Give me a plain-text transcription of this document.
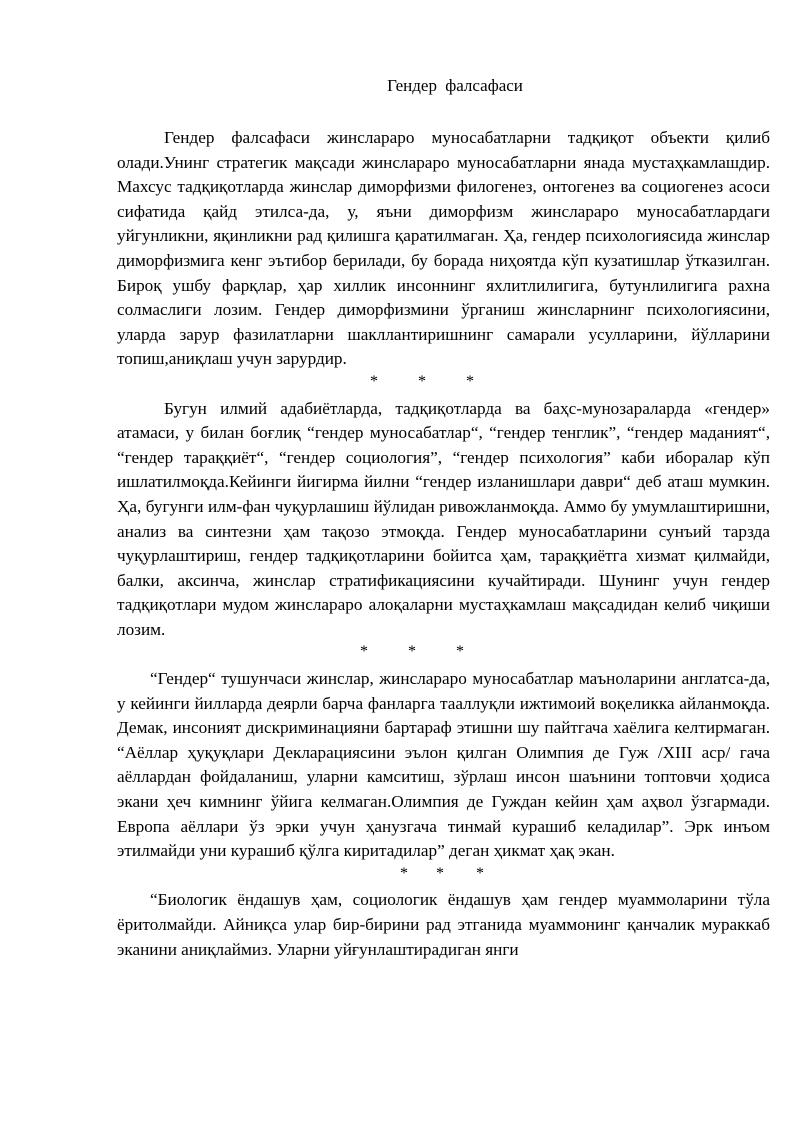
Гендер фалсафаси

Гендер фалсафаси жинслараро муносабатларни тадқиқот объекти қилиб олади.Унинг стратегик мақсади жинслараро муносабатларни янада мустаҳкамлашдир. Махсус тадқиқотларда жинслар диморфизми филогенез, онтогенез ва социогенез асоси сифатида қайд этилса-да, у, яъни диморфизм жинслараро муносабатлардаги уйгунликни, яқинликни рад қилишга қаратилмаган. Ҳа, гендер психологиясида жинслар диморфизмига кенг эътибор берилади, бу борада ниҳоятда кўп кузатишлар ўтказилган. Бироқ ушбу фарқлар, ҳар хиллик инсоннинг яхлитлилигига, бутунлилигига рахна солмаслиги лозим. Гендер диморфизмини ўрганиш жинсларнинг психологиясини, уларда зарур фазилатларни шакллантиришнинг самарали усулларини, йўлларини топиш,аниқлаш учун зарурдир.

*          *          *

Бугун илмий адабиётларда, тадқиқотларда ва баҳс-мунозараларда «гендер» атамаси, у билан боғлиқ “гендер муносабатлар“, “гендер тенглик”, “гендер маданият“, “гендер тараққиёт“, “гендер социология”, “гендер психология” каби иборалар кўп ишлатилмоқда.Кейинги йигирма йилни “гендер изланишлари даври“ деб аташ мумкин. Ҳа, бугунги илм-фан чуқурлашиш йўлидан ривожланмоқда. Аммо бу умумлаштиришни, анализ ва синтезни ҳам тақозо этмоқда. Гендер муносабатларини сунъий тарзда чуқурлаштириш, гендер тадқиқотларини бойитса ҳам, тараққиётга хизмат қилмайди, балки, аксинча, жинслар стратификациясини кучайтиради. Шунинг учун гендер тадқиқотлари мудом жинслараро алоқаларни мустаҳкамлаш мақсадидан келиб чиқиши лозим.

*          *          *

“Гендер“ тушунчаси жинслар, жинслараро муносабатлар маъноларини англатса-да, у кейинги йилларда деярли барча фанларга тааллуқли ижтимоий воқеликка айланмоқда. Демак, инсоният дискриминацияни бартараф этишни шу пайтгача хаёлига келтирмаган. “Аёллар ҳуқуқлари Декларациясини эълон қилган Олимпия де Гуж /XIII аср/ гача аёллардан фойдаланиш, уларни камситиш, зўрлаш инсон шаънини топтовчи ҳодиса экани ҳеч кимнинг ўйига келмаган.Олимпия де Гуждан кейин ҳам аҳвол ўзгармади. Европа аёллари ўз эрки учун ҳанузгача тинмай курашиб келадилар”. Эрк инъом этилмайди уни курашиб қўлга киритадилар” деган ҳикмат ҳақ экан.

*       *        *

“Биологик ёндашув ҳам, социологик ёндашув ҳам гендер муаммоларини тўла ёритолмайди. Айниқса улар бир-бирини рад этганида муаммонинг қанчалик мураккаб эканини аниқлаймиз. Уларни уйғунлаштирадиган янги
